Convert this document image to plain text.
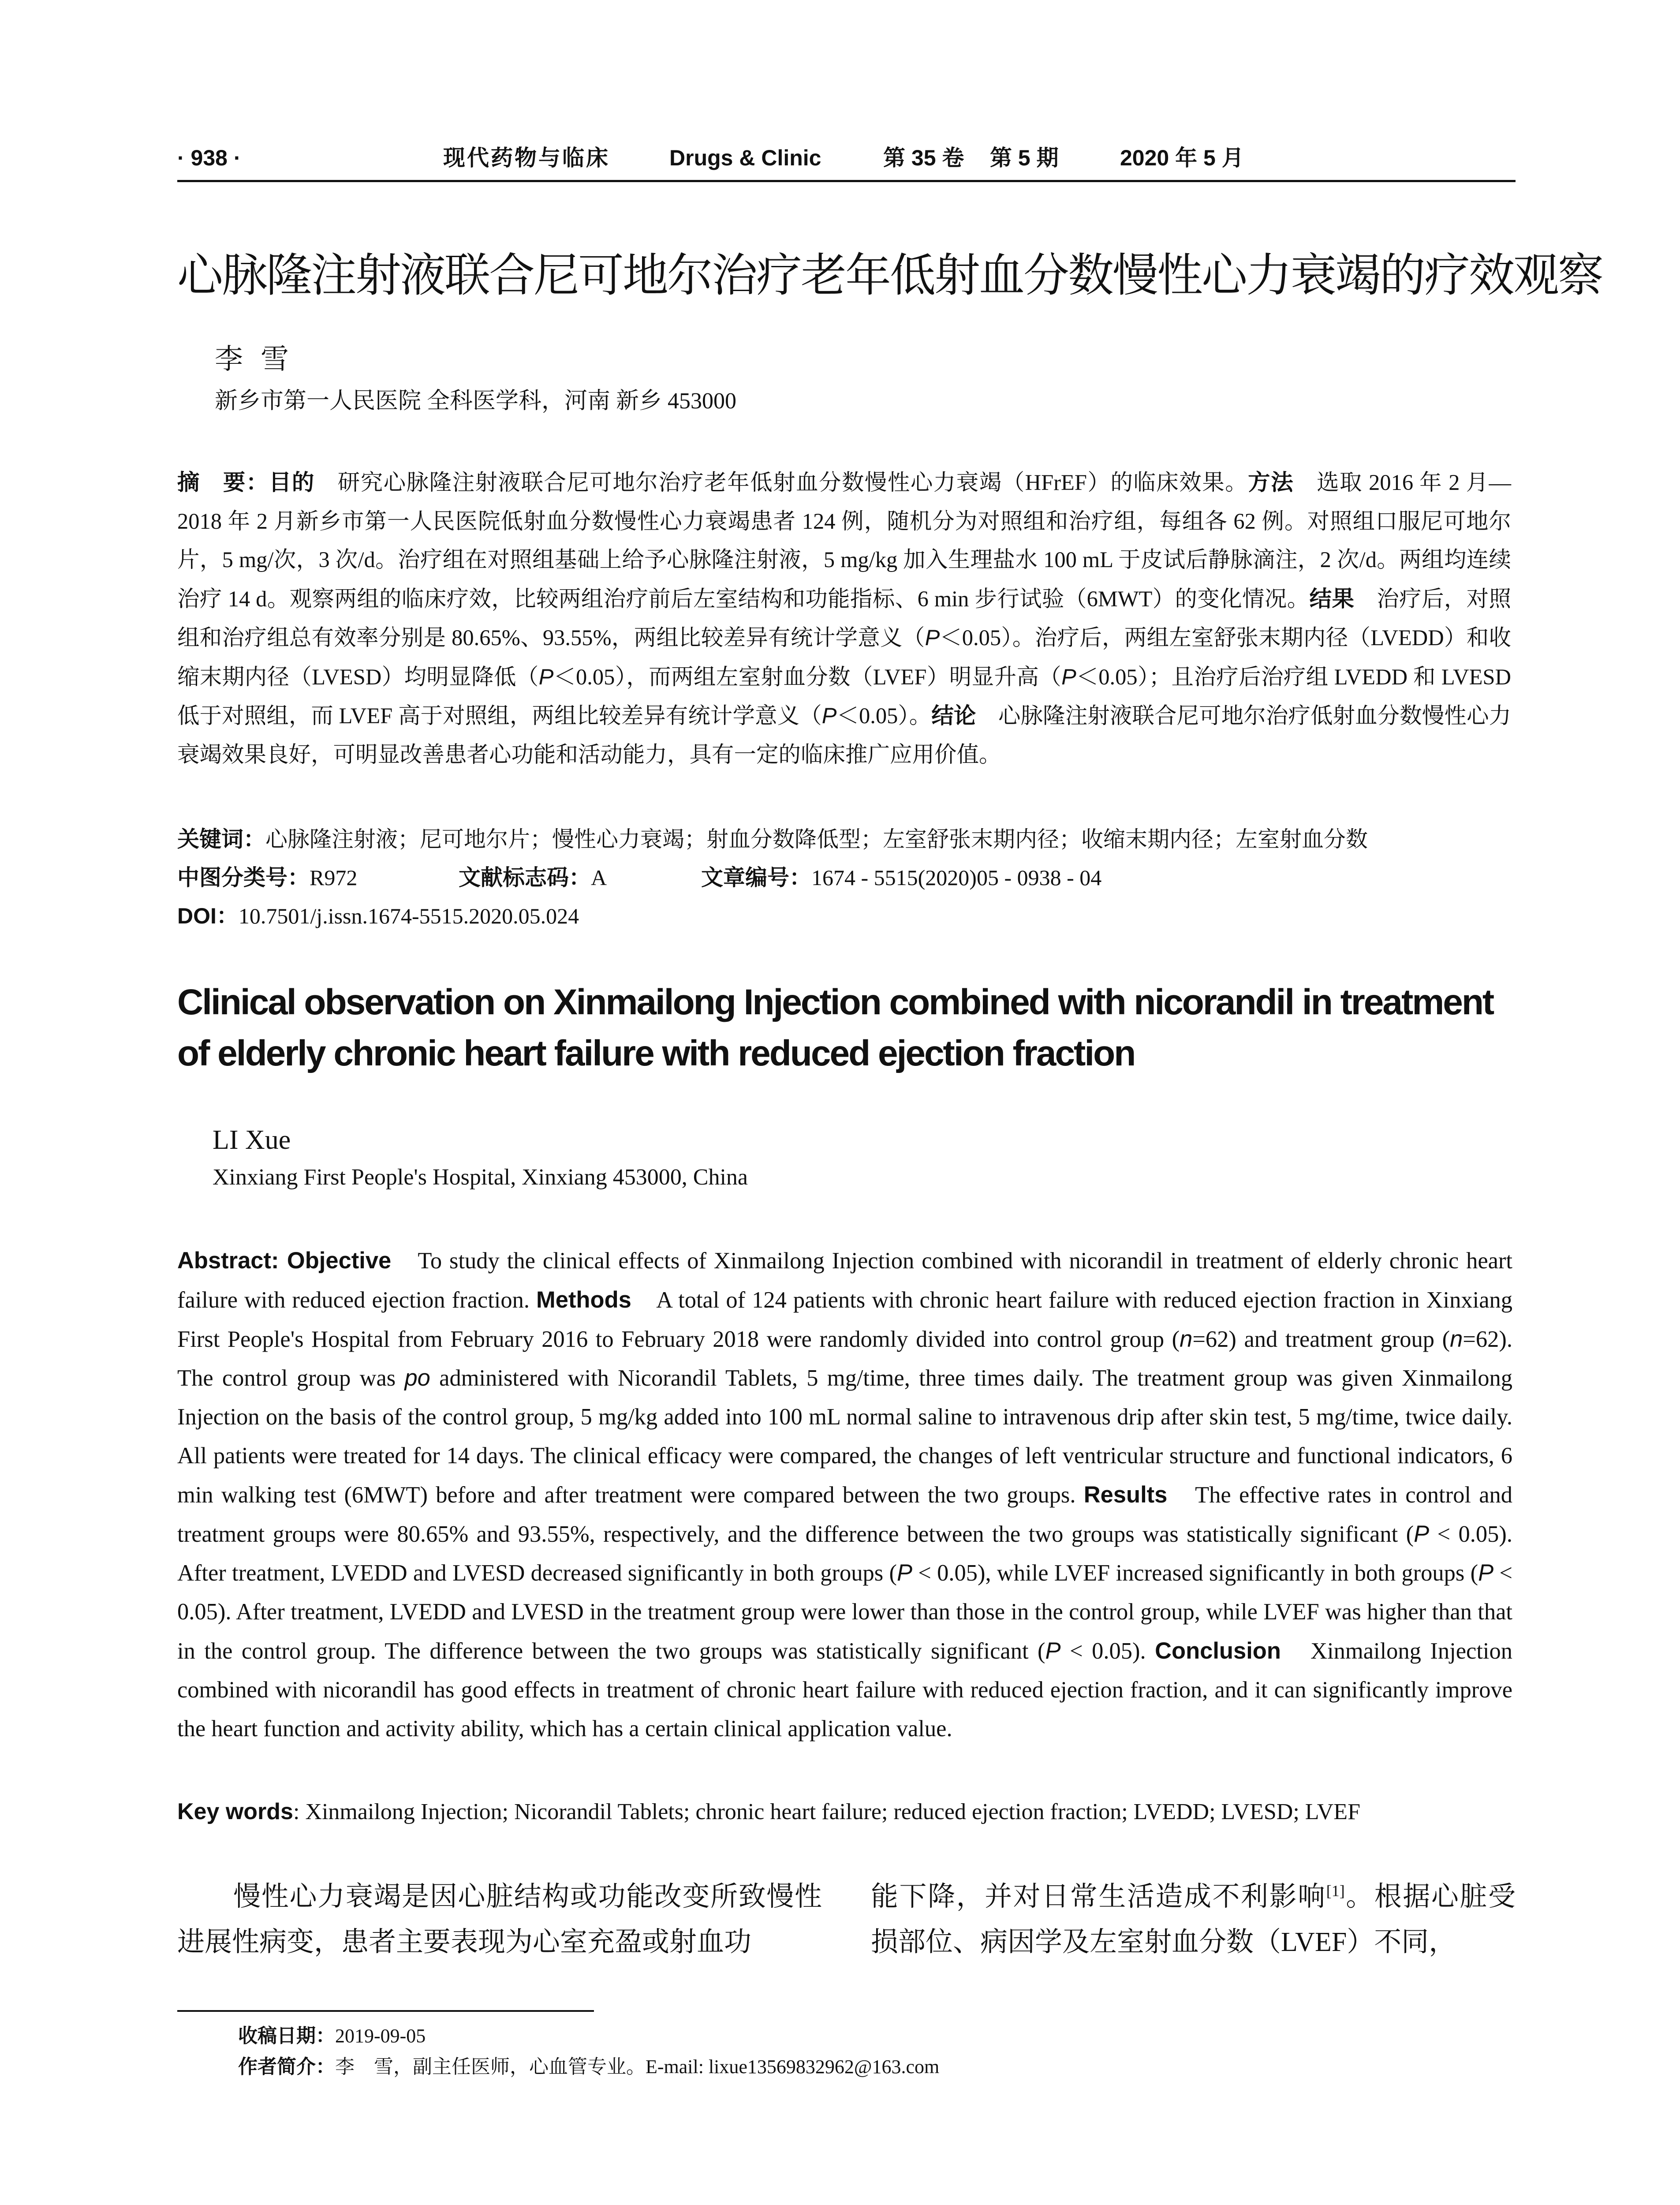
· 938 ·	现代药物与临床	Drugs & Clinic	第 35 卷 第 5 期	2020 年 5 月
心脉隆注射液联合尼可地尔治疗老年低射血分数慢性心力衰竭的疗效观察
李雪
新乡市第一人民医院 全科医学科，河南 新乡 453000
摘　要：目的　研究心脉隆注射液联合尼可地尔治疗老年低射血分数慢性心力衰竭（HFrEF）的临床效果。方法　选取 2016 年 2 月—2018 年 2 月新乡市第一人民医院低射血分数慢性心力衰竭患者 124 例，随机分为对照组和治疗组，每组各 62 例。对照组口服尼可地尔片，5 mg/次，3 次/d。治疗组在对照组基础上给予心脉隆注射液，5 mg/kg 加入生理盐水 100 mL 于皮试后静脉滴注，2 次/d。两组均连续治疗 14 d。观察两组的临床疗效，比较两组治疗前后左室结构和功能指标、6 min 步行试验（6MWT）的变化情况。结果　治疗后，对照组和治疗组总有效率分别是 80.65%、93.55%，两组比较差异有统计学意义（P＜0.05）。治疗后，两组左室舒张末期内径（LVEDD）和收缩末期内径（LVESD）均明显降低（P＜0.05），而两组左室射血分数（LVEF）明显升高（P＜0.05）；且治疗后治疗组 LVEDD 和 LVESD 低于对照组，而 LVEF 高于对照组，两组比较差异有统计学意义（P＜0.05）。结论　心脉隆注射液联合尼可地尔治疗低射血分数慢性心力衰竭效果良好，可明显改善患者心功能和活动能力，具有一定的临床推广应用价值。
关键词：心脉隆注射液；尼可地尔片；慢性心力衰竭；射血分数降低型；左室舒张末期内径；收缩末期内径；左室射血分数
中图分类号：R972	文献标志码：A	文章编号：1674 - 5515(2020)05 - 0938 - 04
DOI：10.7501/j.issn.1674-5515.2020.05.024
Clinical observation on Xinmailong Injection combined with nicorandil in treatment of elderly chronic heart failure with reduced ejection fraction
LI Xue
Xinxiang First People's Hospital, Xinxiang 453000, China
Abstract: Objective　To study the clinical effects of Xinmailong Injection combined with nicorandil in treatment of elderly chronic heart failure with reduced ejection fraction. Methods　A total of 124 patients with chronic heart failure with reduced ejection fraction in Xinxiang First People's Hospital from February 2016 to February 2018 were randomly divided into control group (n=62) and treatment group (n=62). The control group was po administered with Nicorandil Tablets, 5 mg/time, three times daily. The treatment group was given Xinmailong Injection on the basis of the control group, 5 mg/kg added into 100 mL normal saline to intravenous drip after skin test, 5 mg/time, twice daily. All patients were treated for 14 days. The clinical efficacy were compared, the changes of left ventricular structure and functional indicators, 6 min walking test (6MWT) before and after treatment were compared between the two groups. Results　The effective rates in control and treatment groups were 80.65% and 93.55%, respectively, and the difference between the two groups was statistically significant (P < 0.05). After treatment, LVEDD and LVESD decreased significantly in both groups (P < 0.05), while LVEF increased significantly in both groups (P < 0.05). After treatment, LVEDD and LVESD in the treatment group were lower than those in the control group, while LVEF was higher than that in the control group. The difference between the two groups was statistically significant (P < 0.05). Conclusion　Xinmailong Injection combined with nicorandil has good effects in treatment of chronic heart failure with reduced ejection fraction, and it can significantly improve the heart function and activity ability, which has a certain clinical application value.
Key words: Xinmailong Injection; Nicorandil Tablets; chronic heart failure; reduced ejection fraction; LVEDD; LVESD; LVEF
　　慢性心力衰竭是因心脏结构或功能改变所致慢性进展性病变，患者主要表现为心室充盈或射血功
能下降，并对日常生活造成不利影响[1]。根据心脏受损部位、病因学及左室射血分数（LVEF）不同，
收稿日期：2019-09-05
作者简介：李　雪，副主任医师，心血管专业。E-mail: lixue13569832962@163.com
